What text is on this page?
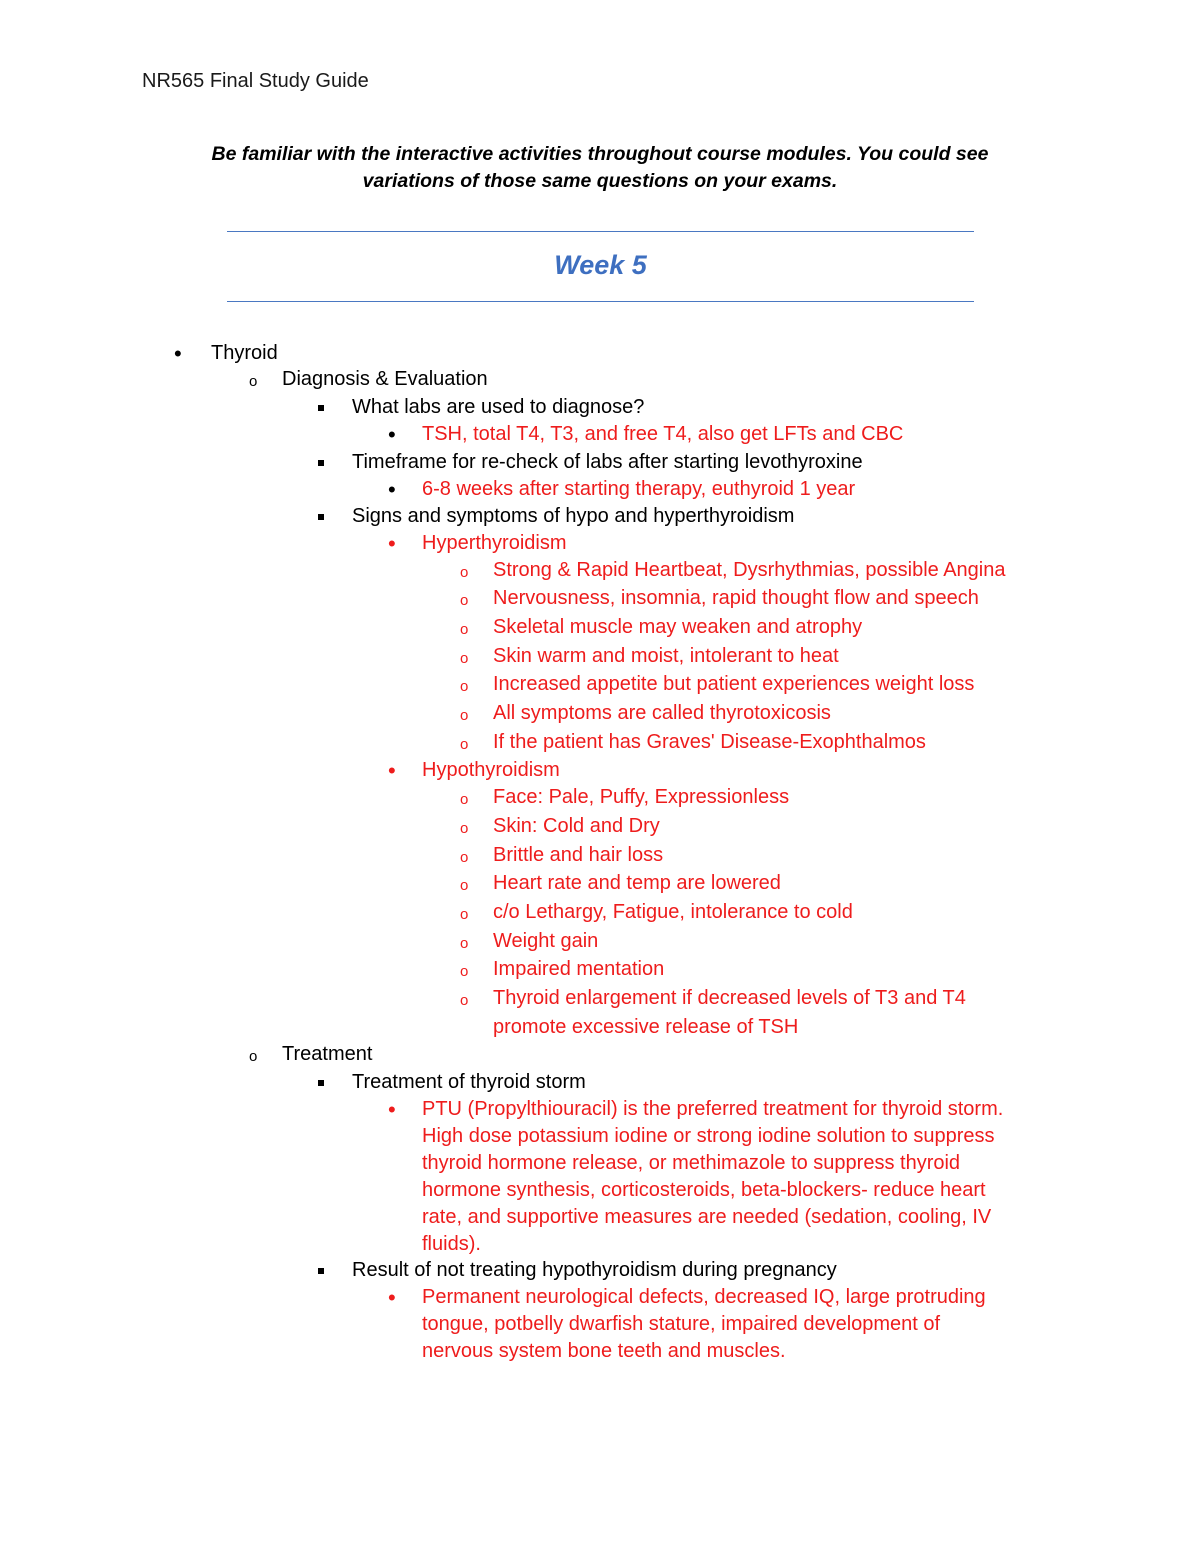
NR565 Final Study Guide
Be familiar with the interactive activities throughout course modules. You could see
variations of those same questions on your exams.
Week 5
•
Thyroid
o Diagnosis & Evaluation
What labs are used to diagnose?
•
TSH, total T4, T3, and free T4, also get LFTs and CBC
Timeframe for re-check of labs after starting levothyroxine
•
6-8 weeks after starting therapy, euthyroid 1 year
Signs and symptoms of hypo and hyperthyroidism
•
Hyperthyroidism
o Strong & Rapid Heartbeat, Dysrhythmias, possible Angina
o Nervousness, insomnia, rapid thought flow and speech
o Skeletal muscle may weaken and atrophy
o Skin warm and moist, intolerant to heat
o Increased appetite but patient experiences weight loss
o All symptoms are called thyrotoxicosis
o If the patient has Graves' Disease-Exophthalmos
•
Hypothyroidism
o Face: Pale, Puffy, Expressionless
o Skin: Cold and Dry
o Brittle and hair loss
o Heart rate and temp are lowered
o c/o Lethargy, Fatigue, intolerance to cold
o Weight gain
o Impaired mentation
o Thyroid enlargement if decreased levels of T3 and T4
promote excessive release of TSH
o Treatment
Treatment of thyroid storm
•
PTU (Propylthiouracil) is the preferred treatment for thyroid storm.
High dose potassium iodine or strong iodine solution to suppress
thyroid hormone release, or methimazole to suppress thyroid
hormone synthesis, corticosteroids, beta-blockers- reduce heart
rate, and supportive measures are needed (sedation, cooling, IV
fluids).
Result of not treating hypothyroidism during pregnancy
•
Permanent neurological defects, decreased IQ, large protruding
tongue, potbelly dwarfish stature, impaired development of
nervous system bone teeth and muscles.
